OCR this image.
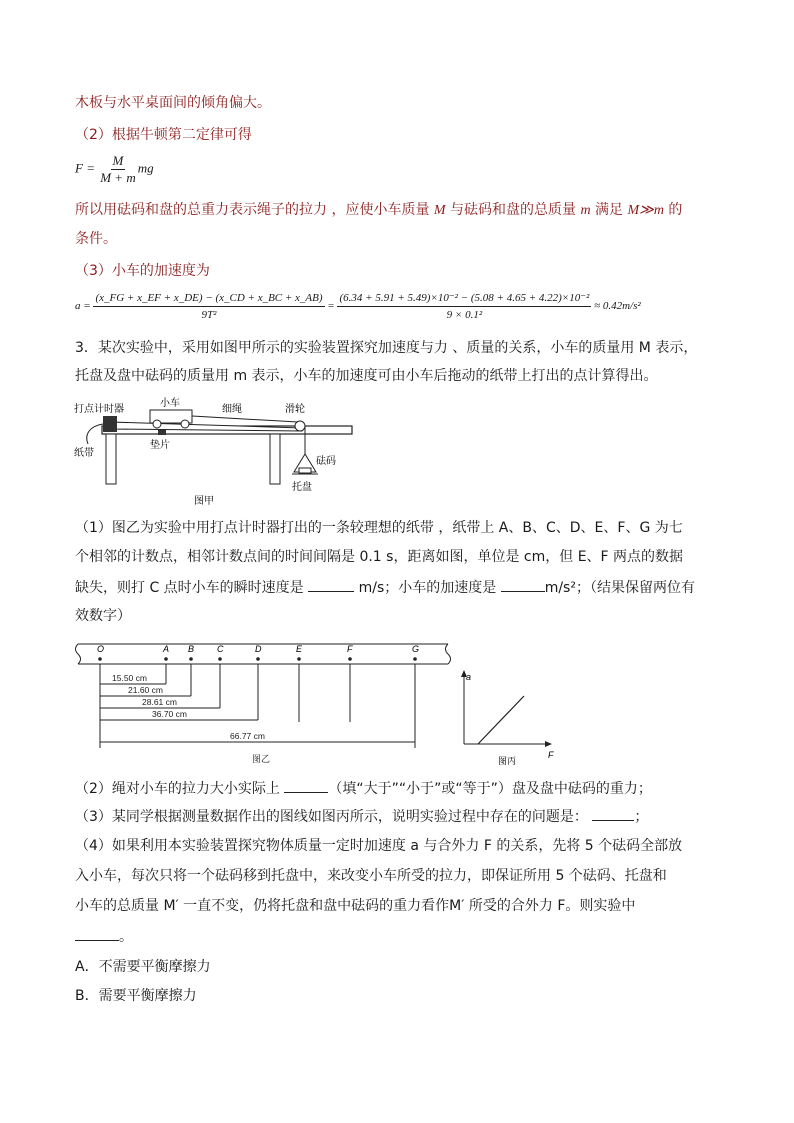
木板与水平桌面间的倾角偏大。
（2）根据牛顿第二定律可得
$F = \frac{M}{M + m}$ mg
所以用砝码和盘的总重力表示绳子的拉力 ，应使小车质量 M 与砝码和盘的总质量 m 满足 M≫m 的
条件。
（3）小车的加速度为
$a = \frac{(x\_FG + x\_EF + x\_DE) - (x\_CD + x\_BC + x\_AB)}{\text{9T²}} = \frac{\text{(6.34 + 5.91 + 5.49)×10⁻² − (5.08 + 4.65 + 4.22)×10⁻²}}{\text{9 × 0.1²}} \approx 0.42m/s^2$
3．某次实验中，采用如图甲所示的实验装置探究加速度与力 、质量的关系，小车的质量用 M 表示，
托盘及盘中砝码的质量用 m 表示，小车的加速度可由小车后拖动的纸带上打出的点计算得出。
打点计时器
小车
细绳	滑轮
纸带
垫片
砝码
托盘
图甲
（1）图乙为实验中用打点计时器打出的一条较理想的纸带 ，纸带上 A、B、C、D、E、F、G 为七
个相邻的计数点，相邻计数点间的时间间隔是 0.1 s，距离如图，单位是 cm，但 E、F 两点的数据
缺失，则打 C 点时小车的瞬时速度是	m/s；小车的加速度是	m/s²；（结果保留两位有
效数字）
O	A B	C	D	E	F	G
15.50 cm
21.60 cm
28.61 cm
36.70 cm
66.77 cm
图乙
a
F
图丙
（2）绳对小车的拉力大小实际上	（填“大于”“小于”或“等于”）盘及盘中砝码的重力；
（3）某同学根据测量数据作出的图线如图丙所示，说明实验过程中存在的问题是：	；
（4）如果利用本实验装置探究物体质量一定时加速度 a 与合外力 F 的关系，先将 5 个砝码全部放
入小车，每次只将一个砝码移到托盘中，来改变小车所受的拉力，即保证所用 5 个砝码、托盘和
小车的总质量 M′ 一直不变，仍将托盘和盘中砝码的重力看作M′ 所受的合外力 F。则实验中
。
A．不需要平衡摩擦力
B．需要平衡摩擦力
